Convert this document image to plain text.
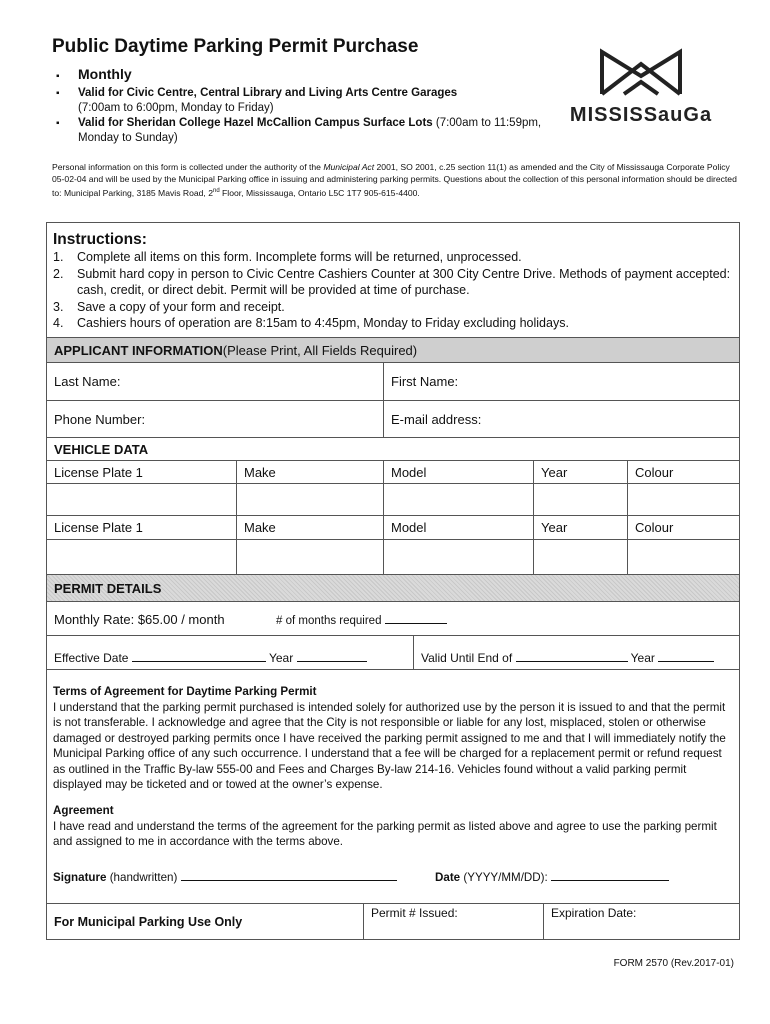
Public Daytime Parking Permit Purchase
▪ Monthly
▪ Valid for Civic Centre, Central Library and Living Arts Centre Garages
(7:00am to 6:00pm, Monday to Friday)
▪ Valid for Sheridan College Hazel McCallion Campus Surface Lots (7:00am to 11:59pm, Monday to Sunday)
MISSISSauGa
Personal information on this form is collected under the authority of the Municipal Act 2001, SO 2001, c.25 section 11(1) as amended and the City of Mississauga Corporate Policy 05-02-04 and will be used by the Municipal Parking office in issuing and administering parking permits. Questions about the collection of this personal information should be directed to: Municipal Parking, 3185 Mavis Road, 2nd Floor, Mississauga, Ontario L5C 1T7 905-615-4400.
Instructions:
1. Complete all items on this form. Incomplete forms will be returned, unprocessed.
2. Submit hard copy in person to Civic Centre Cashiers Counter at 300 City Centre Drive. Methods of payment accepted: cash, credit, or direct debit. Permit will be provided at time of purchase.
3. Save a copy of your form and receipt.
4. Cashiers hours of operation are 8:15am to 4:45pm, Monday to Friday excluding holidays.
APPLICANT INFORMATION (Please Print, All Fields Required)
Last Name:	First Name:
Phone Number:	E-mail address:
VEHICLE DATA
License Plate 1	Make	Model	Year	Colour
License Plate 1	Make	Model	Year	Colour
PERMIT DETAILS
Monthly Rate: $65.00 / month	# of months required
Effective Date	Year	Valid Until End of	Year
Terms of Agreement for Daytime Parking Permit
I understand that the parking permit purchased is intended solely for authorized use by the person it is issued to and that the permit is not transferable. I acknowledge and agree that the City is not responsible or liable for any lost, misplaced, stolen or otherwise damaged or destroyed parking permits once I have received the parking permit assigned to me and that I will immediately notify the Municipal Parking office of any such occurrence. I understand that a fee will be charged for a replacement permit or refund request as outlined in the Traffic By-law 555-00 and Fees and Charges By-law 214-16. Vehicles found without a valid parking permit displayed may be ticketed and or towed at the owner’s expense.
Agreement
I have read and understand the terms of the agreement for the parking permit as listed above and agree to use the parking permit and assigned to me in accordance with the terms above.
Signature (handwritten)	Date (YYYY/MM/DD):
For Municipal Parking Use Only
Permit # Issued:	Expiration Date:
FORM 2570 (Rev.2017-01)
